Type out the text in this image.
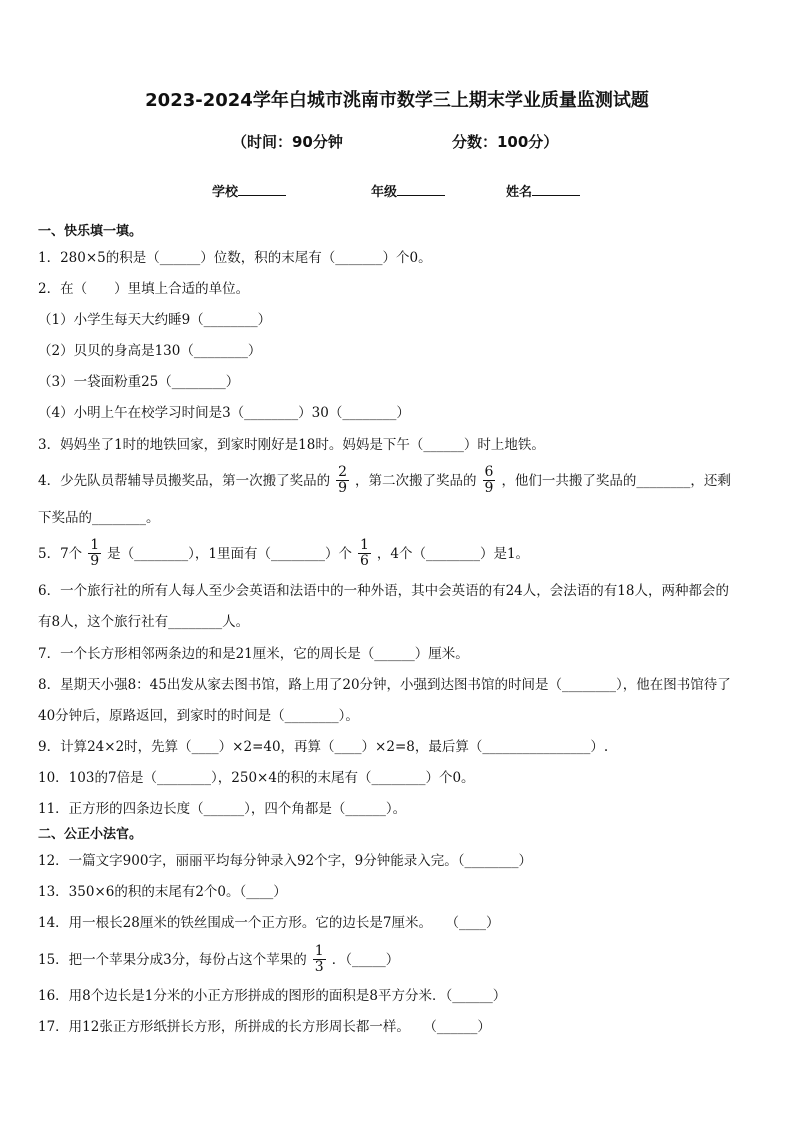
2023-2024学年白城市洮南市数学三上期末学业质量监测试题
（时间：90分钟	分数：100分）
学校	年级	姓名
一、快乐填一填。
1．280×5的积是（______）位数，积的末尾有（_______）个0。
2．在（　　）里填上合适的单位。
（1）小学生每天大约睡9（________）
（2）贝贝的身高是130（________）
（3）一袋面粉重25（________）
（4）小明上午在校学习时间是3（________）30（________）
3．妈妈坐了1时的地铁回家，到家时刚好是18时。妈妈是下午（______）时上地铁。
4．少先队员帮辅导员搬奖品，第一次搬了奖品的 $\frac{2}{9}$ ，第二次搬了奖品的 $\frac{6}{9}$ ，他们一共搬了奖品的________，还剩
下奖品的________。
5．7个 $\frac{1}{9}$ 是（________），1里面有（________）个 $\frac{1}{6}$ ，4个（________）是1。
6．一个旅行社的所有人每人至少会英语和法语中的一种外语，其中会英语的有24人，会法语的有18人，两种都会的
有8人，这个旅行社有________人。
7．一个长方形相邻两条边的和是21厘米，它的周长是（______）厘米。
8．星期天小强8：45出发从家去图书馆，路上用了20分钟，小强到达图书馆的时间是（________），他在图书馆待了
40分钟后，原路返回，到家时的时间是（________）。
9．计算24×2时，先算（____）×2=40，再算（____）×2=8，最后算（________________）.
10．103的7倍是（________），250×4的积的末尾有（________）个0。
11．正方形的四条边长度（______），四个角都是（______）。
二、公正小法官。
12．一篇文字900字，丽丽平均每分钟录入92个字，9分钟能录入完。（________）
13．350×6的积的末尾有2个0。（____）
14．用一根长28厘米的铁丝围成一个正方形。它的边长是7厘米。　　（____）
15．把一个苹果分成3分，每份占这个苹果的 $\frac{1}{3}$ ．（_____）
16．用8个边长是1分米的小正方形拼成的图形的面积是8平方分米．（______）
17．用12张正方形纸拼长方形，所拼成的长方形周长都一样。　　（______）
